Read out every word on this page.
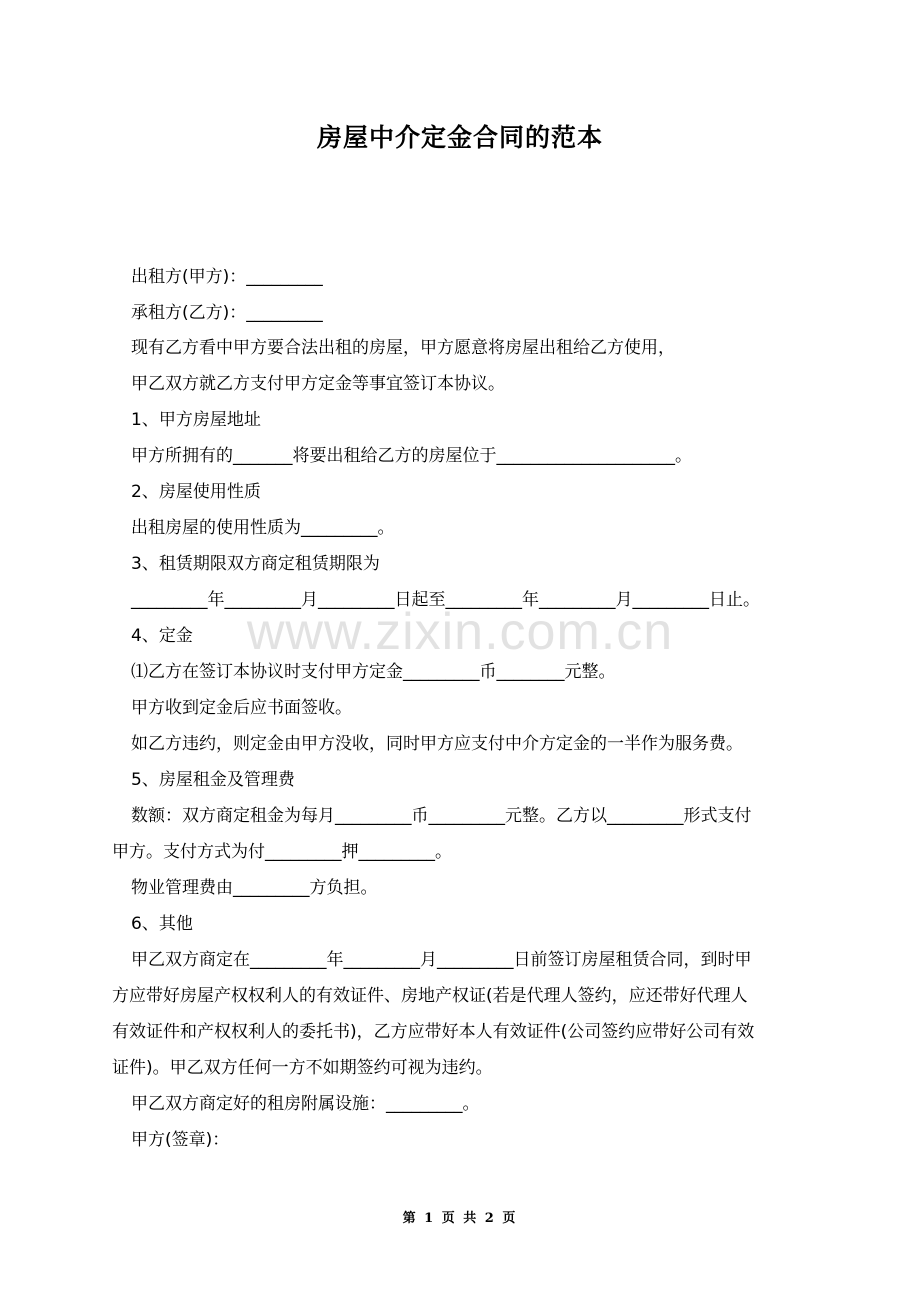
房屋中介定金合同的范本
www.zixin.com.cn
出租方(甲方)：_________
承租方(乙方)：_________
现有乙方看中甲方要合法出租的房屋，甲方愿意将房屋出租给乙方使用，
甲乙双方就乙方支付甲方定金等事宜签订本协议。
1、甲方房屋地址
甲方所拥有的_______将要出租给乙方的房屋位于_____________________。
2、房屋使用性质
出租房屋的使用性质为_________。
3、租赁期限双方商定租赁期限为
_________年_________月_________日起至_________年_________月_________日止。
4、定金
⑴乙方在签订本协议时支付甲方定金_________币________元整。
甲方收到定金后应书面签收。
如乙方违约，则定金由甲方没收，同时甲方应支付中介方定金的一半作为服务费。
5、房屋租金及管理费
数额：双方商定租金为每月_________币_________元整。乙方以_________形式支付
甲方。支付方式为付_________押_________。
物业管理费由_________方负担。
6、其他
甲乙双方商定在_________年_________月_________日前签订房屋租赁合同，到时甲
方应带好房屋产权权利人的有效证件、房地产权证(若是代理人签约，应还带好代理人
有效证件和产权权利人的委托书)，乙方应带好本人有效证件(公司签约应带好公司有效
证件)。甲乙双方任何一方不如期签约可视为违约。
甲乙双方商定好的租房附属设施：_________。
甲方(签章)：
第 1 页 共 2 页
